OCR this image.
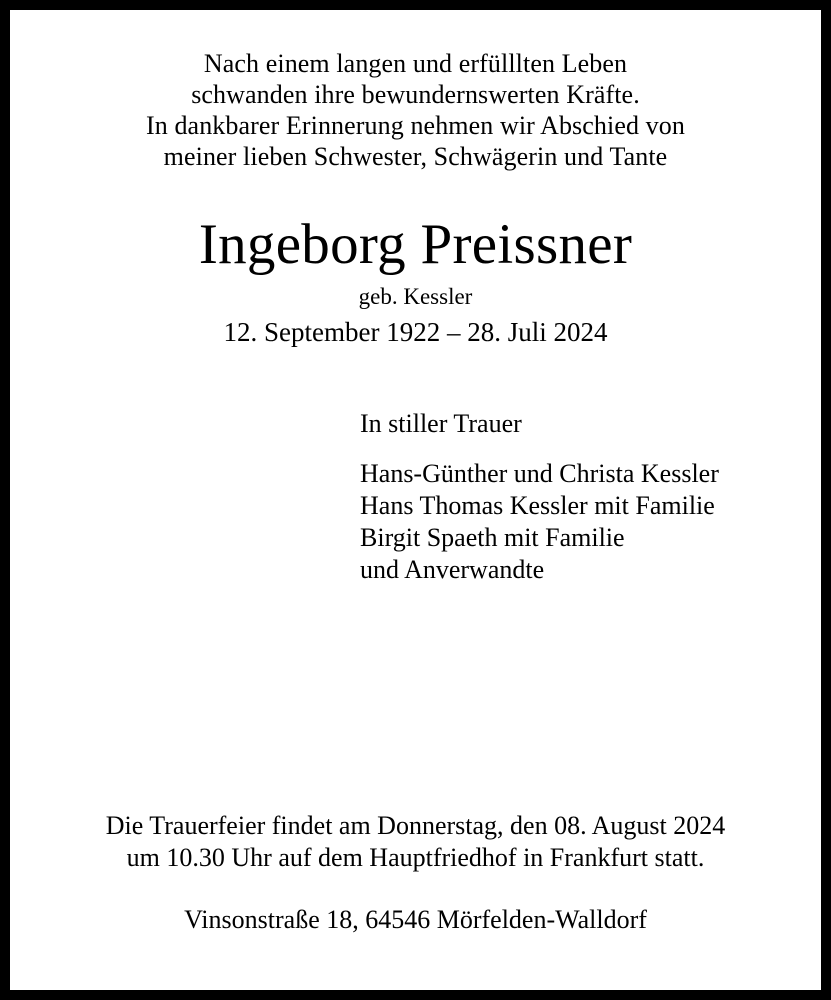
Nach einem langen und erfülllten Leben
schwanden ihre bewundernswerten Kräfte.
In dankbarer Erinnerung nehmen wir Abschied von
meiner lieben Schwester, Schwägerin und Tante
Ingeborg Preissner
geb. Kessler
12. September 1922 – 28. Juli 2024
In stiller Trauer
Hans-Günther und Christa Kessler
Hans Thomas Kessler mit Familie
Birgit Spaeth mit Familie
und Anverwandte
Die Trauerfeier findet am Donnerstag, den 08. August 2024
um 10.30 Uhr auf dem Hauptfriedhof in Frankfurt statt.
Vinsonstraße 18, 64546 Mörfelden-Walldorf
